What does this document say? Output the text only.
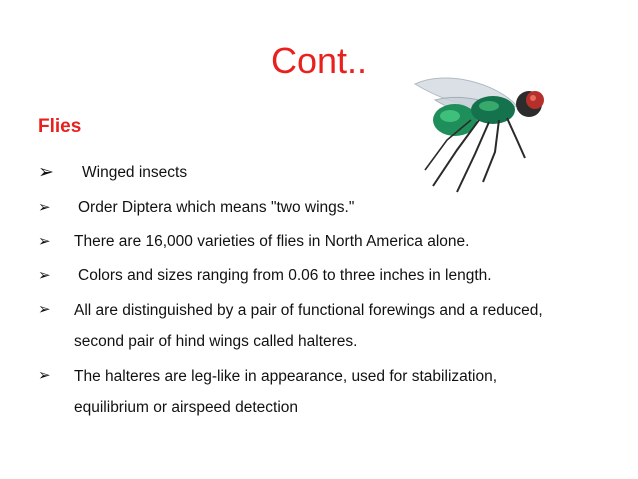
Cont..
Flies
➢ Winged insects
➢ Order Diptera which means "two wings."
➢ There are 16,000 varieties of flies in North America alone.
➢ Colors and sizes ranging from 0.06 to three inches in length.
➢ All are distinguished by a pair of functional forewings and a reduced, second pair of hind wings called halteres.
➢ The halteres are leg-like in appearance, used for stabilization, equilibrium or airspeed detection
